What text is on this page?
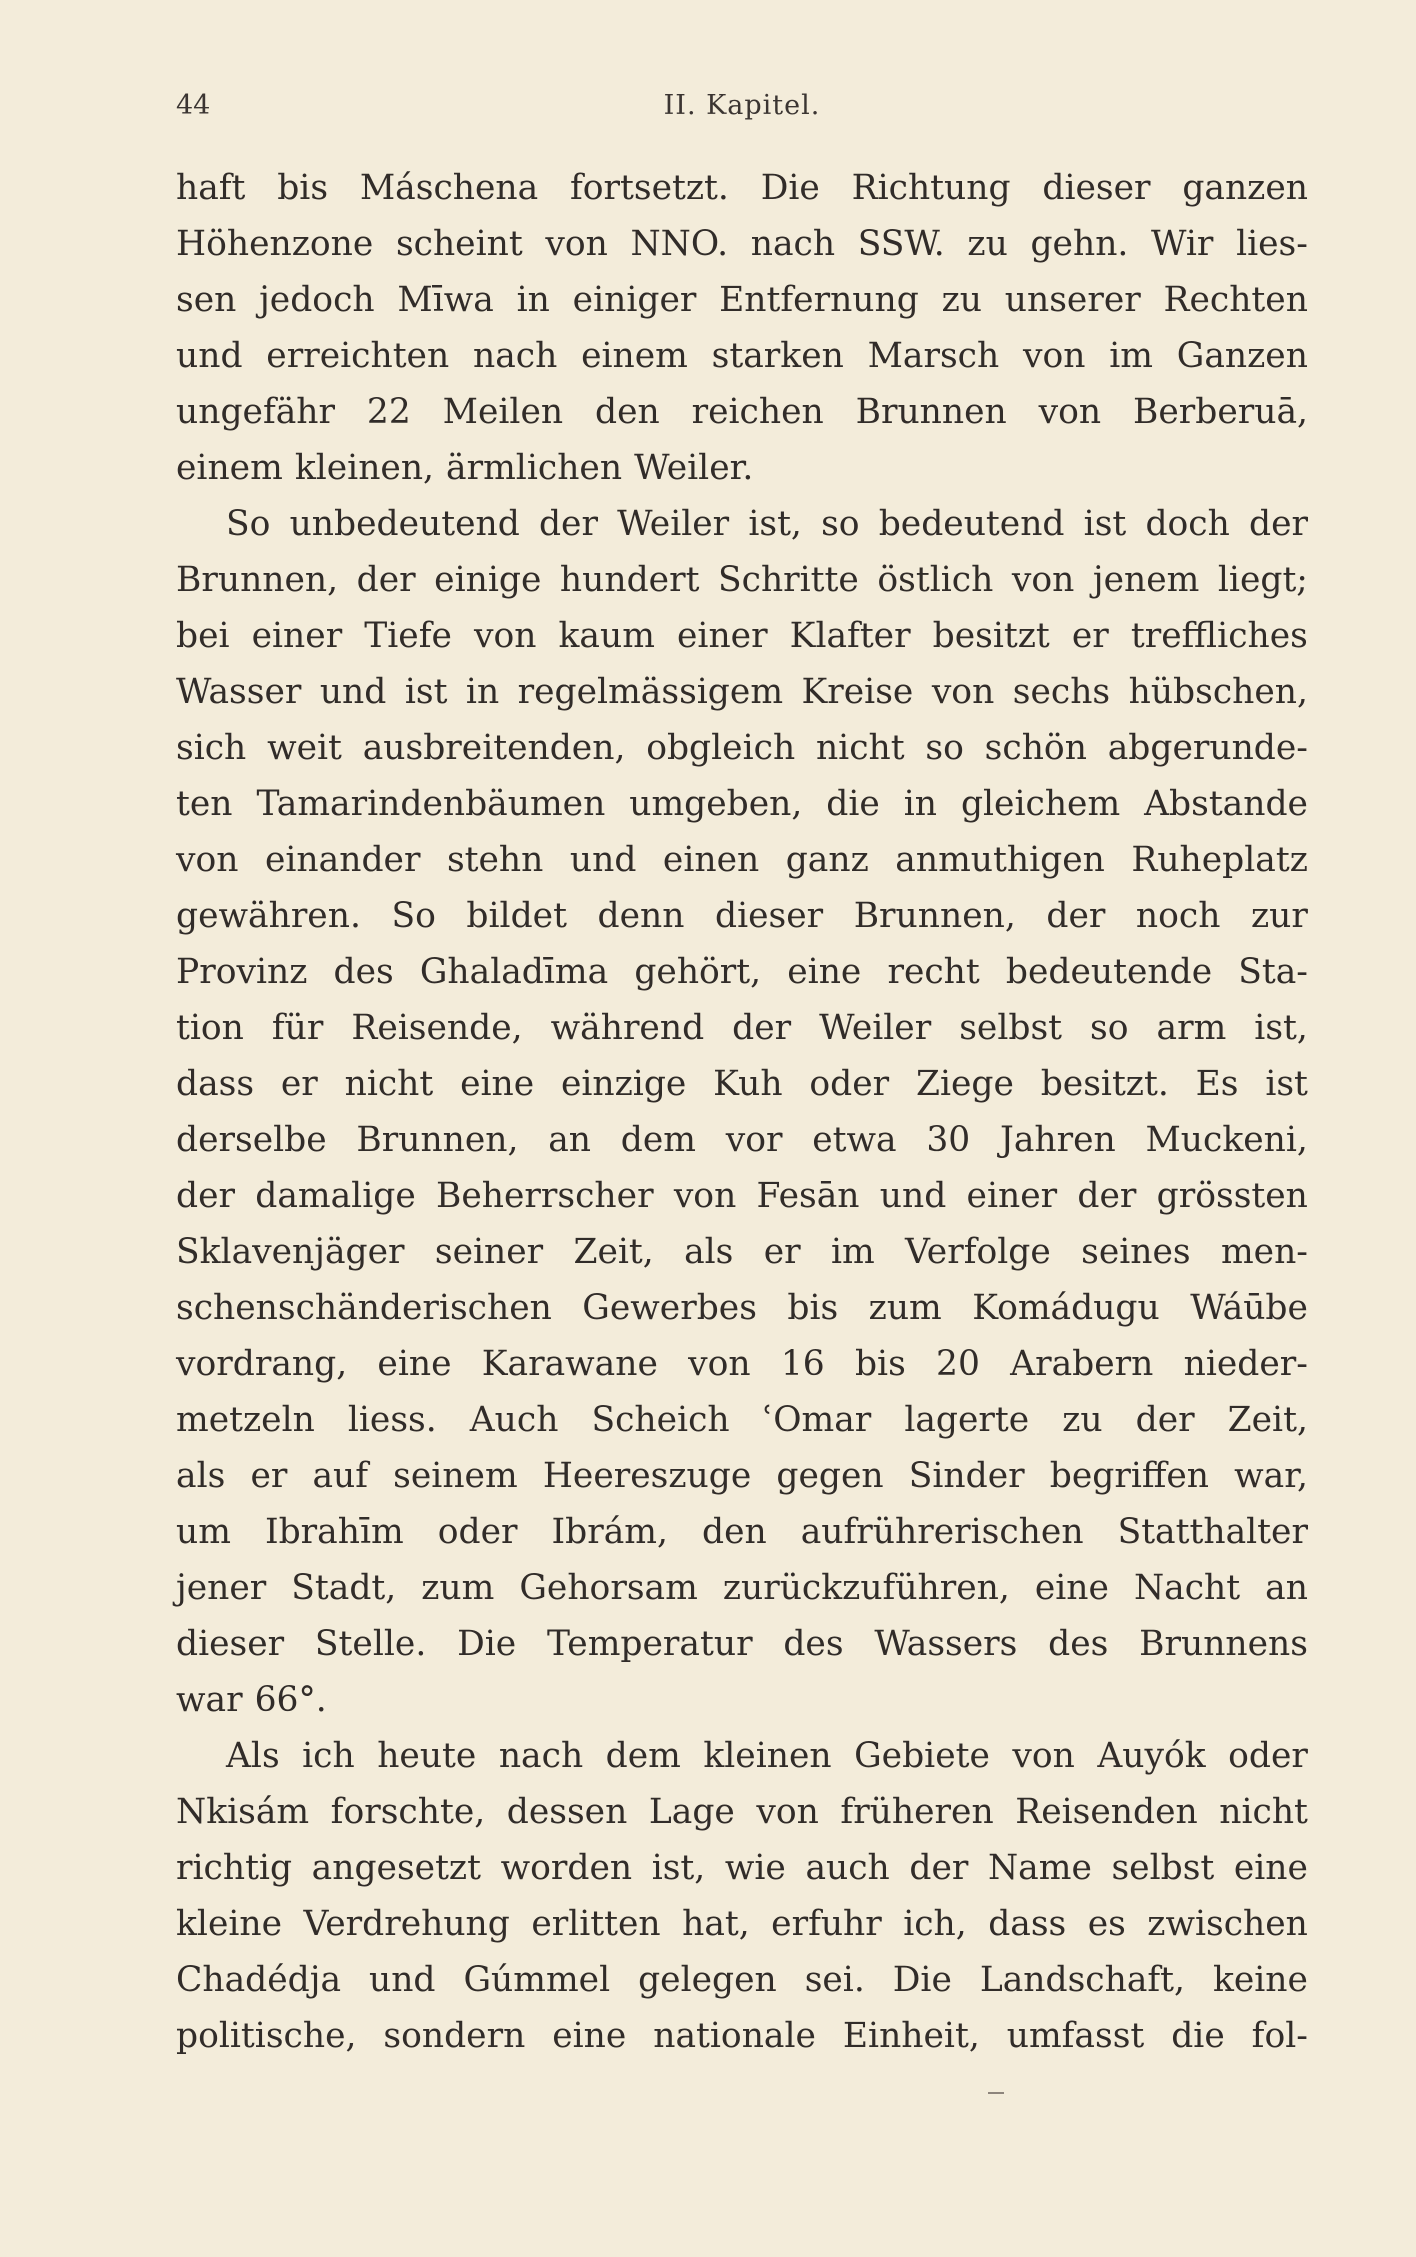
44	II. Kapitel.
haft bis Máschena fortsetzt. Die Richtung dieser ganzen
Höhenzone scheint von NNO. nach SSW. zu gehn. Wir lies-
sen jedoch Mīwa in einiger Entfernung zu unserer Rechten
und erreichten nach einem starken Marsch von im Ganzen
ungefähr 22 Meilen den reichen Brunnen von Berberuā,
einem kleinen, ärmlichen Weiler.
So unbedeutend der Weiler ist, so bedeutend ist doch der
Brunnen, der einige hundert Schritte östlich von jenem liegt;
bei einer Tiefe von kaum einer Klafter besitzt er treffliches
Wasser und ist in regelmässigem Kreise von sechs hübschen,
sich weit ausbreitenden, obgleich nicht so schön abgerunde-
ten Tamarindenbäumen umgeben, die in gleichem Abstande
von einander stehn und einen ganz anmuthigen Ruheplatz
gewähren. So bildet denn dieser Brunnen, der noch zur
Provinz des Ghaladīma gehört, eine recht bedeutende Sta-
tion für Reisende, während der Weiler selbst so arm ist,
dass er nicht eine einzige Kuh oder Ziege besitzt. Es ist
derselbe Brunnen, an dem vor etwa 30 Jahren Muckeni,
der damalige Beherrscher von Fesān und einer der grössten
Sklavenjäger seiner Zeit, als er im Verfolge seines men-
schenschänderischen Gewerbes bis zum Komádugu Wáūbe
vordrang, eine Karawane von 16 bis 20 Arabern nieder-
metzeln liess. Auch Scheich ʿOmar lagerte zu der Zeit,
als er auf seinem Heereszuge gegen Sinder begriffen war,
um Ibrahīm oder Ibrám, den aufrührerischen Statthalter
jener Stadt, zum Gehorsam zurückzuführen, eine Nacht an
dieser Stelle. Die Temperatur des Wassers des Brunnens
war 66°.
Als ich heute nach dem kleinen Gebiete von Auyók oder
Nkisám forschte, dessen Lage von früheren Reisenden nicht
richtig angesetzt worden ist, wie auch der Name selbst eine
kleine Verdrehung erlitten hat, erfuhr ich, dass es zwischen
Chadédja und Gúmmel gelegen sei. Die Landschaft, keine
politische, sondern eine nationale Einheit, umfasst die fol-
